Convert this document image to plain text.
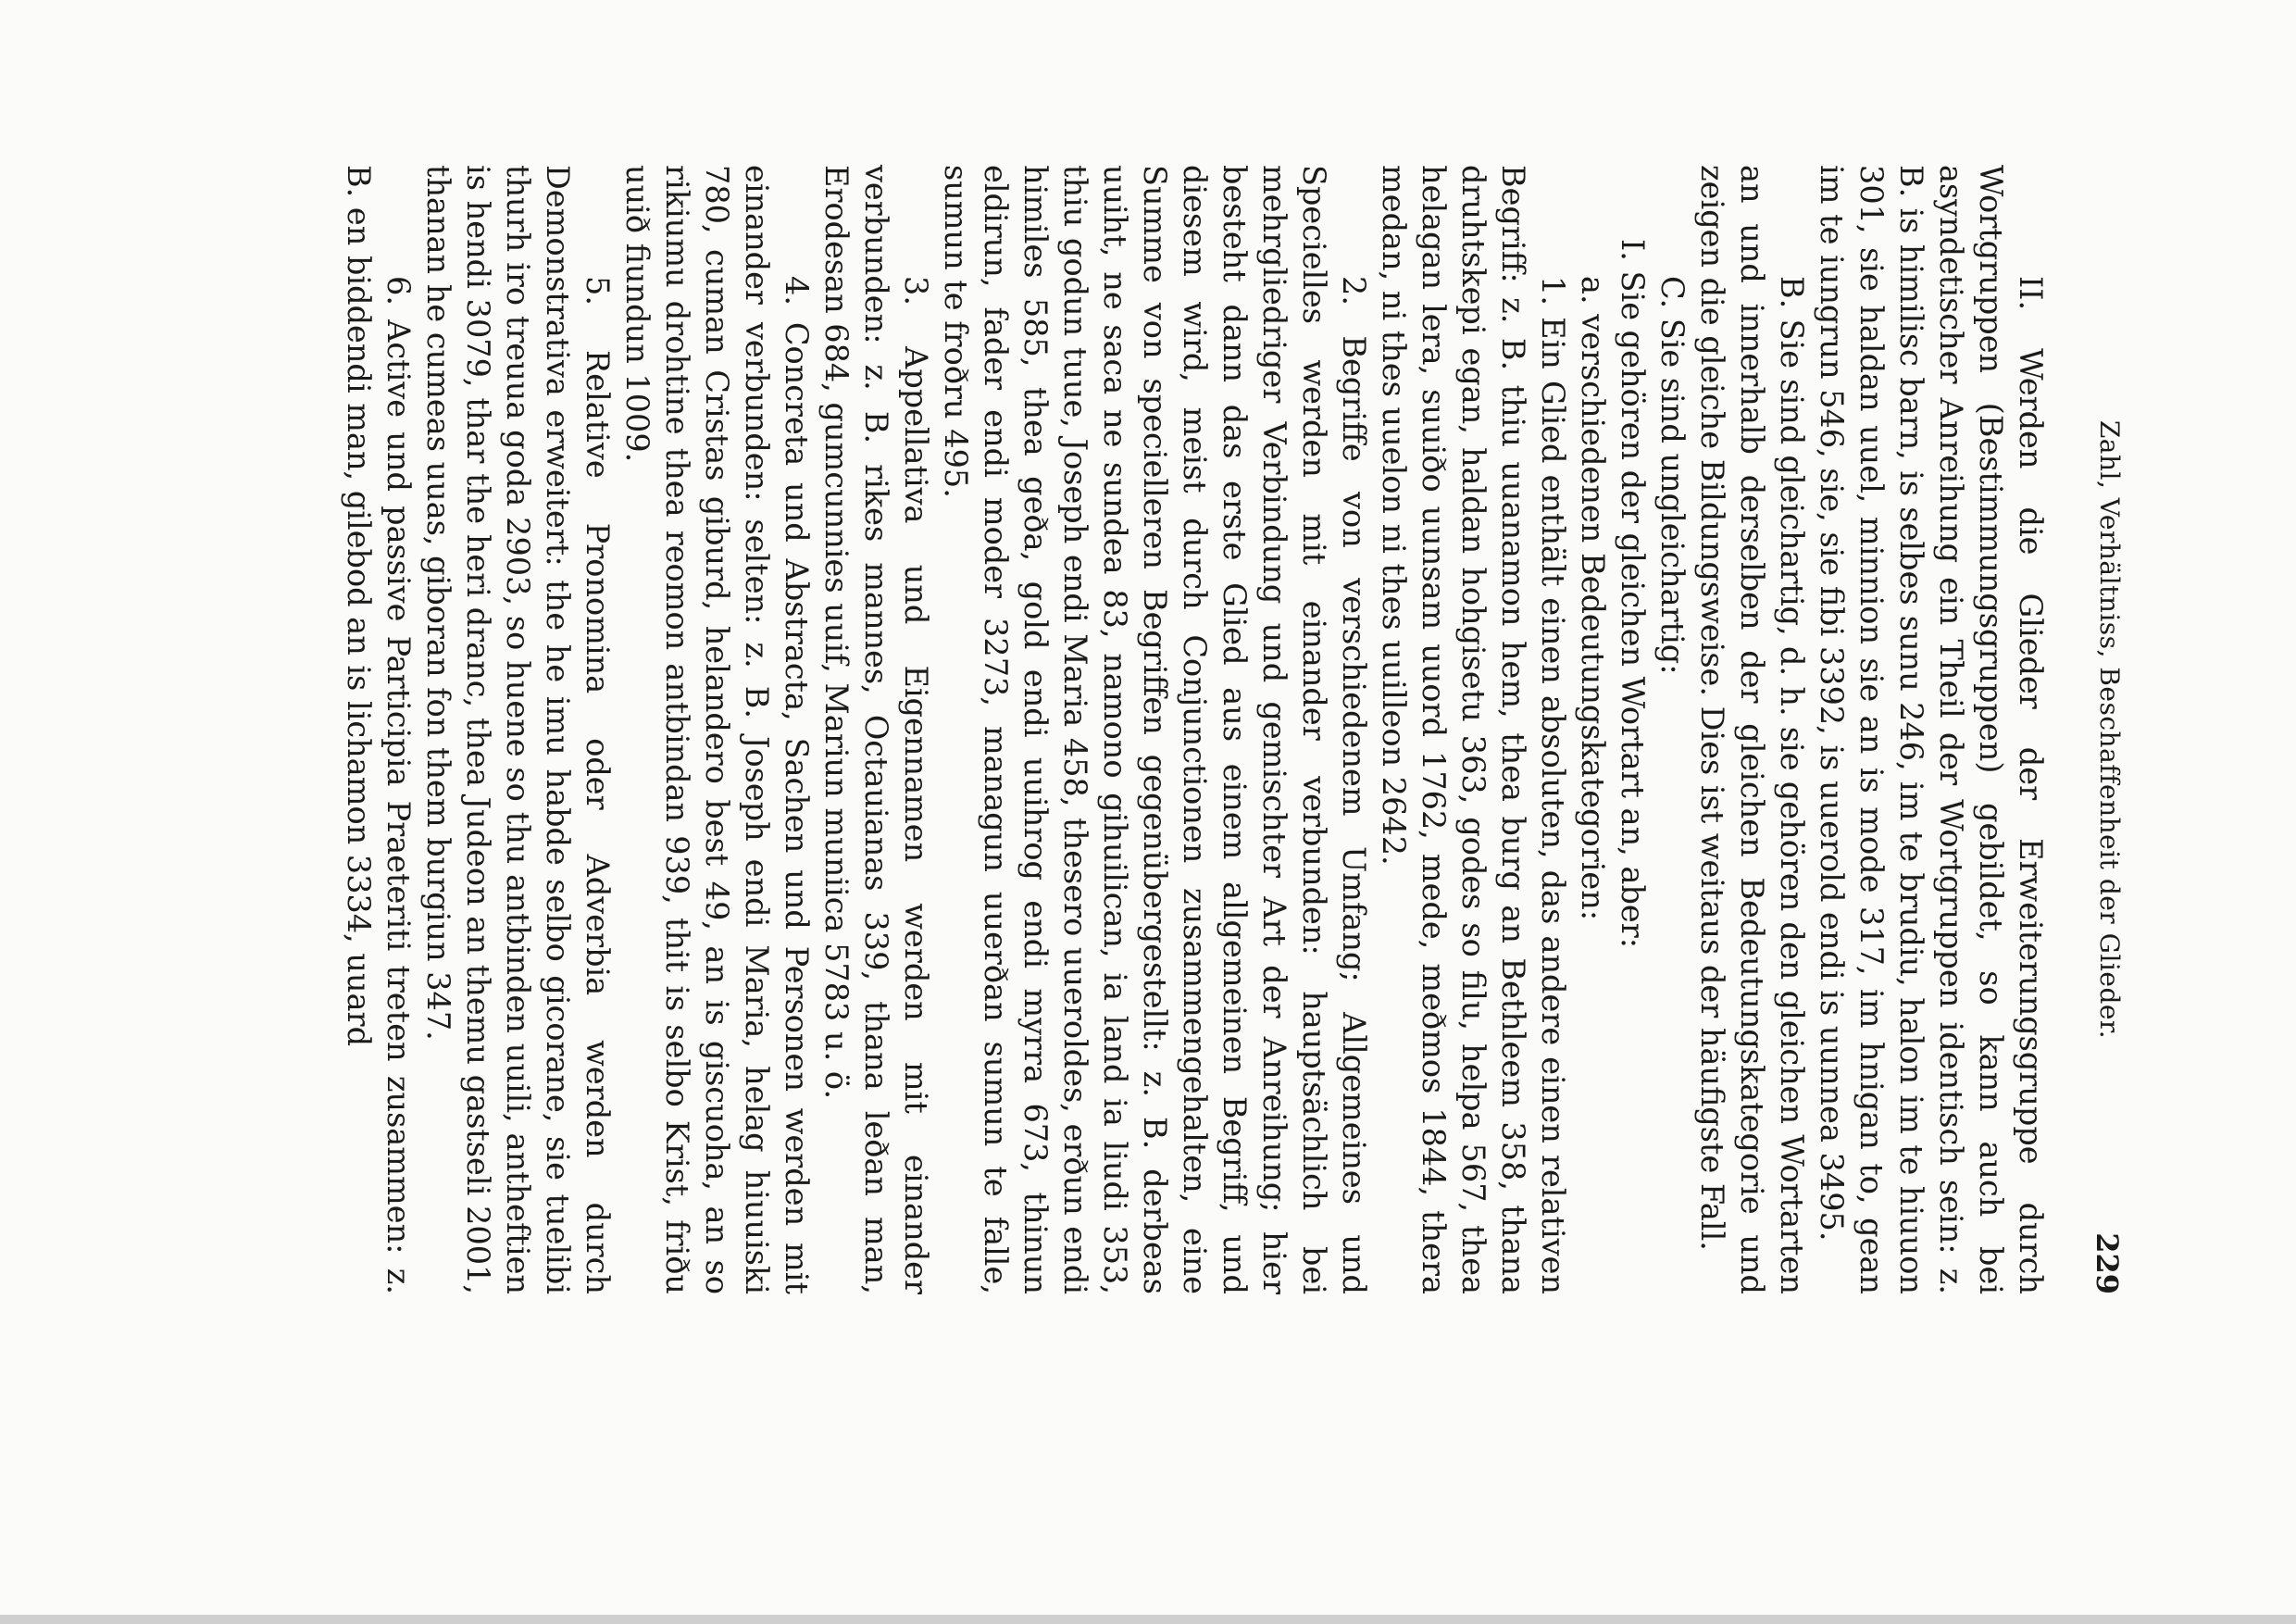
Zahl, Verhältniss, Beschaffenheit der Glieder.
229

II. Werden die Glieder der Erweiterungsgruppe durch Wortgruppen (Bestimmungsgruppen) gebildet, so kann auch bei asyndetischer Anreihung ein Theil der Wortgruppen identisch sein: z. B. is himilisc barn, is selbes sunu 246, im te brudiu, halon im te hiuuon 301, sie haldan uuel, minnion sie an is mode 317, im hnigan to, gean im te iungrun 546, sie, sie fibi 3392, is uuerold endi is uunnea 3495.

B. Sie sind gleichartig, d. h. sie gehören den gleichen Wortarten an und innerhalb derselben der gleichen Bedeutungskategorie und zeigen die gleiche Bildungsweise. Dies ist weitaus der häufigste Fall.

C. Sie sind ungleichartig:

I. Sie gehören der gleichen Wortart an, aber:

a. verschiedenen Bedeutungskategorien:

1. Ein Glied enthält einen absoluten, das andere einen relativen Begriff: z. B. thiu uuanamon hem, thea burg an Bethleem 358, thana druhtskepi egan, haldan hohgisetu 363, godes so filu, helpa 567, thea helagan lera, suuiðo uunsam uuord 1762, mede, meðmos 1844, thera medan, ni thes uuelon ni thes uuilleon 2642.

2. Begriffe von verschiedenem Umfang; Allgemeines und Specielles werden mit einander verbunden: hauptsächlich bei mehrgliedriger Verbindung und gemischter Art der Anreihung; hier besteht dann das erste Glied aus einem allgemeinen Begriff, und diesem wird, meist durch Conjunctionen zusammengehalten, eine Summe von specielleren Begriffen gegenübergestellt: z. B. derbeas uuiht, ne saca ne sundea 83, namono gihuilican, ia land ia liudi 353, thiu godun tuue, Joseph endi Maria 458, thesero uueroldes, erðun endi himiles 585, thea geða, gold endi uuihrog endi myrra 673, thinun eldirun, fader endi moder 3273, managun uuerðan sumun te falle, sumun te froðru 495.

3. Appellativa und Eigennamen werden mit einander verbunden: z. B. rikes mannes, Octauianas 339, thana leðan man, Erodesan 684, gumcunnies uuif, Mariun muniica 5783 u. ö.

4. Concreta und Abstracta, Sachen und Personen werden mit einander verbunden: selten: z. B. Joseph endi Maria, helag hiuuiski 780, cuman Cristas giburd, helandero best 49, an is giscuoha, an so rikiumu drohtine thea reomon antbindan 939, thit is selbo Krist, friðu uuið fiundun 1009.

5. Relative Pronomina oder Adverbia werden durch Demonstrativa erweitert: the he imu habde selbo gicorane, sie tuelibi thurh iro treuua goda 2903, so huene so thu antbinden uuili, antheftien is hendi 3079, thar the heri dranc, thea Judeon an themu gastseli 2001, thanan he cumeas uuas, giboran fon them burgiun 347.

6. Active und passive Participia Praeteriti treten zusammen: z. B. en biddendi man, gilebod an is lichamon 3334, uuard
